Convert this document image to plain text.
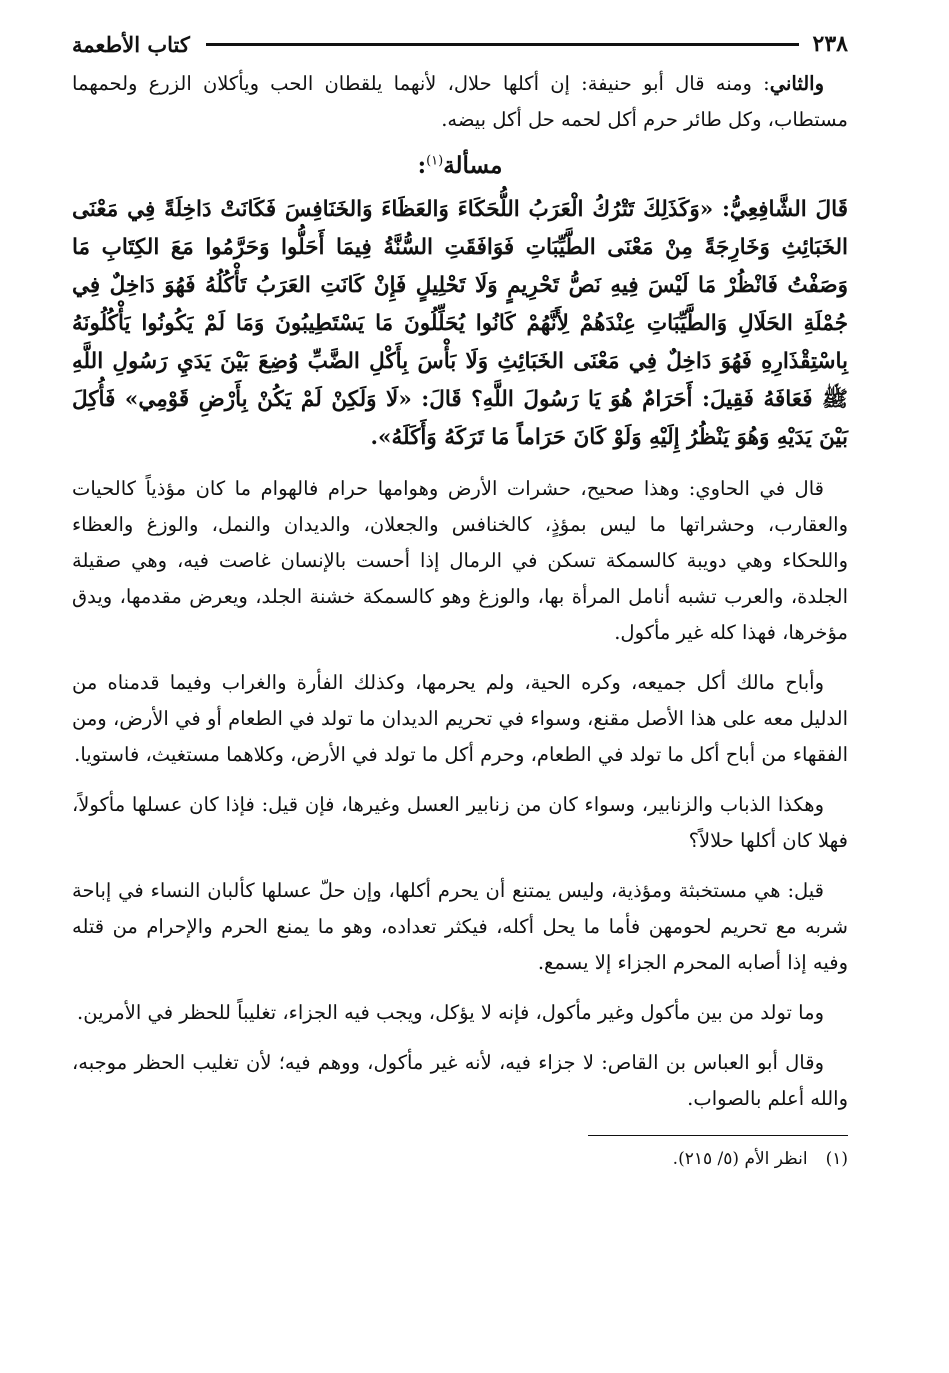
٢٣٨
كتاب الأطعمة

والثاني: ومنه قال أبو حنيفة: إن أكلها حلال، لأنهما يلقطان الحب ويأكلان الزرع ولحمهما مستطاب، وكل طائر حرم أكل لحمه حل أكل بيضه.

مسألة$^{(١)}$:

قَالَ الشَّافِعِيُّ: «وَكَذَلِكَ تَتْرُكُ الْعَرَبُ اللُّحَكَاءَ وَالعَظَاءَ وَالخَنَافِسَ فَكَانَتْ دَاخِلَةً فِي مَعْنَى الخَبَائِثِ وَخَارِجَةً مِنْ مَعْنَى الطَّيِّبَاتِ فَوَافَقَتِ السُّنَّةُ فِيمَا أَحَلُّوا وَحَرَّمُوا مَعَ الكِتَابِ مَا وَصَفْتُ فَانْظُرْ مَا لَيْسَ فِيهِ نَصُّ تَحْرِيمٍ وَلَا تَحْلِيلٍ فَإِنْ كَانَتِ العَرَبُ تَأْكُلُهُ فَهُوَ دَاخِلٌ فِي جُمْلَةِ الحَلَالِ وَالطَّيِّبَاتِ عِنْدَهُمْ لِأَنَّهُمْ كَانُوا يُحَلِّلُونَ مَا يَسْتَطِيبُونَ وَمَا لَمْ يَكُونُوا يَأْكُلُونَهُ بِاسْتِقْذَارِهِ فَهُوَ دَاخِلٌ فِي مَعْنَى الخَبَائِثِ وَلَا بَأْسَ بِأَكْلِ الضَّبِّ وُضِعَ بَيْنَ يَدَيِ رَسُولِ اللَّهِ ﷺ فَعَافَهُ فَقِيلَ: أَحَرَامٌ هُوَ يَا رَسُولَ اللَّهِ؟ قَالَ: «لَا وَلَكِنْ لَمْ يَكُنْ بِأَرْضِ قَوْمِي» فَأُكِلَ بَيْنَ يَدَيْهِ وَهُوَ يَنْظُرُ إِلَيْهِ وَلَوْ كَانَ حَرَاماً مَا تَرَكَهُ وَأَكَلَهُ».

قال في الحاوي: وهذا صحيح، حشرات الأرض وهوامها حرام فالهوام ما كان مؤذياً كالحيات والعقارب، وحشراتها ما ليس بمؤذٍ، كالخنافس والجعلان، والديدان والنمل، والوزغ والعظاء واللحكاء وهي دويبة كالسمكة تسكن في الرمال إذا أحست بالإنسان غاصت فيه، وهي صقيلة الجلدة، والعرب تشبه أنامل المرأة بها، والوزغ وهو كالسمكة خشنة الجلد، ويعرض مقدمها، ويدق مؤخرها، فهذا كله غير مأكول.

وأباح مالك أكل جميعه، وكره الحية، ولم يحرمها، وكذلك الفأرة والغراب وفيما قدمناه من الدليل معه على هذا الأصل مقنع، وسواء في تحريم الديدان ما تولد في الطعام أو في الأرض، ومن الفقهاء من أباح أكل ما تولد في الطعام، وحرم أكل ما تولد في الأرض، وكلاهما مستغيث، فاستويا.

وهكذا الذباب والزنابير، وسواء كان من زنابير العسل وغيرها، فإن قيل: فإذا كان عسلها مأكولاً، فهلا كان أكلها حلالاً؟

قيل: هي مستخبثة ومؤذية، وليس يمتنع أن يحرم أكلها، وإن حلّ عسلها كألبان النساء في إباحة شربه مع تحريم لحومهن فأما ما يحل أكله، فيكثر تعداده، وهو ما يمنع الحرم والإحرام من قتله وفيه إذا أصابه المحرم الجزاء إلا يسمع.

وما تولد من بين مأكول وغير مأكول، فإنه لا يؤكل، ويجب فيه الجزاء، تغليباً للحظر في الأمرين.

وقال أبو العباس بن القاص: لا جزاء فيه، لأنه غير مأكول، ووهم فيه؛ لأن تغليب الحظر موجبه، والله أعلم بالصواب.

(١)انظر الأم (٥/ ٢١٥).
